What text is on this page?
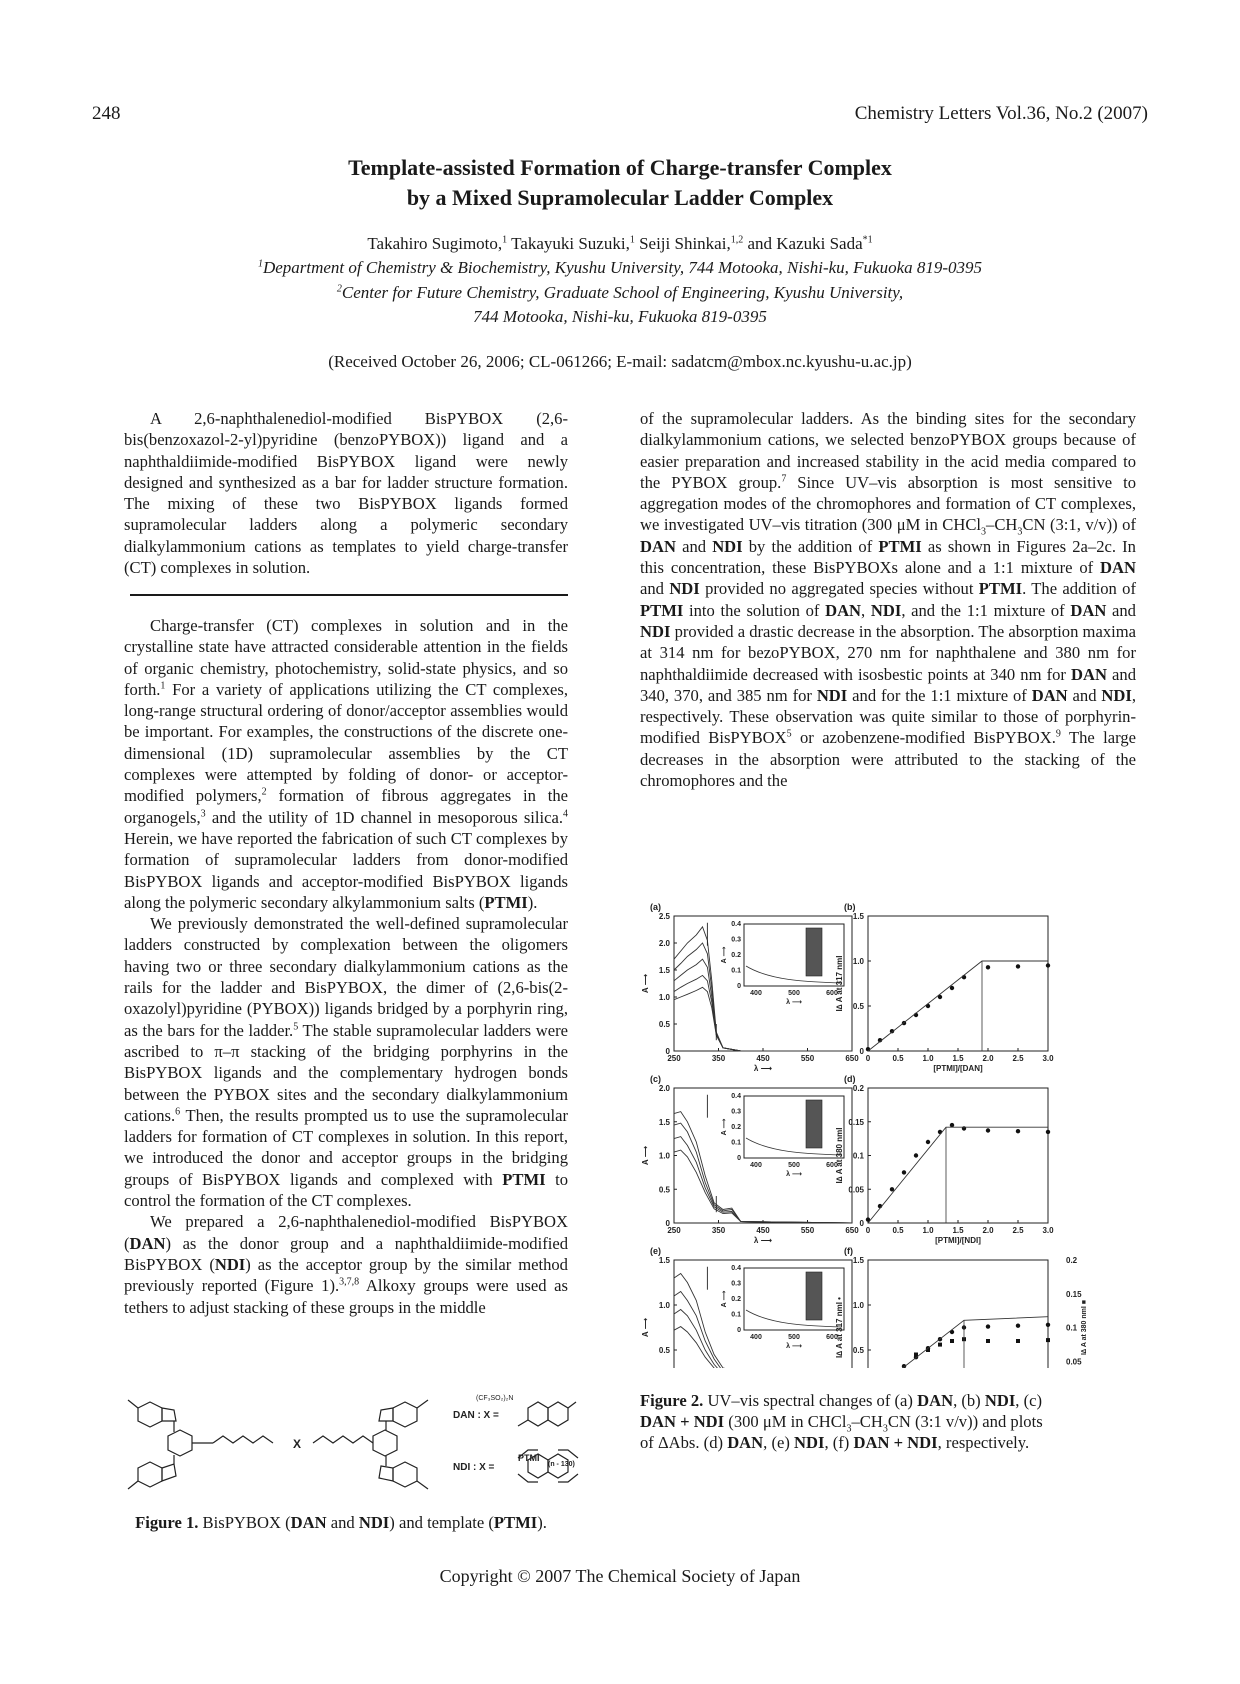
248	Chemistry Letters Vol.36, No.2 (2007)
Template-assisted Formation of Charge-transfer Complex
by a Mixed Supramolecular Ladder Complex
Takahiro Sugimoto,$^1$ Takayuki Suzuki,$^1$ Seiji Shinkai,$^{1,2}$ and Kazuki Sada$^{*1}$
$^1$Department of Chemistry & Biochemistry, Kyushu University, 744 Motooka, Nishi-ku, Fukuoka 819-0395
$^2$Center for Future Chemistry, Graduate School of Engineering, Kyushu University,
744 Motooka, Nishi-ku, Fukuoka 819-0395
(Received October 26, 2006; CL-061266; E-mail: sadatcm@mbox.nc.kyushu-u.ac.jp)

A 2,6-naphthalenediol-modified BisPYBOX (2,6-bis(benzoxazol-2-yl)pyridine (benzoPYBOX)) ligand and a naphthaldiimide-modified BisPYBOX ligand were newly designed and synthesized as a bar for ladder structure formation. The mixing of these two BisPYBOX ligands formed supramolecular ladders along a polymeric secondary dialkylammonium cations as templates to yield charge-transfer (CT) complexes in solution.

Charge-transfer (CT) complexes in solution and in the crystalline state have attracted considerable attention in the fields of organic chemistry, photochemistry, solid-state physics, and so forth.$^1$ For a variety of applications utilizing the CT complexes, long-range structural ordering of donor/acceptor assemblies would be important. For examples, the constructions of the discrete one-dimensional (1D) supramolecular assemblies by the CT complexes were attempted by folding of donor- or acceptor-modified polymers,$^2$ formation of fibrous aggregates in the organogels,$^3$ and the utility of 1D channel in mesoporous silica.$^4$ Herein, we have reported the fabrication of such CT complexes by formation of supramolecular ladders from donor-modified BisPYBOX ligands and acceptor-modified BisPYBOX ligands along the polymeric secondary alkylammonium salts (PTMI).

We previously demonstrated the well-defined supramolecular ladders constructed by complexation between the oligomers having two or three secondary dialkylammonium cations as the rails for the ladder and BisPYBOX, the dimer of (2,6-bis(2-oxazolyl)pyridine (PYBOX)) ligands bridged by a porphyrin ring, as the bars for the ladder.$^5$ The stable supramolecular ladders were ascribed to π–π stacking of the bridging porphyrins in the BisPYBOX ligands and the complementary hydrogen bonds between the PYBOX sites and the secondary dialkylammonium cations.$^6$ Then, the results prompted us to use the supramolecular ladders for formation of CT complexes in solution. In this report, we introduced the donor and acceptor groups in the bridging groups of BisPYBOX ligands and complexed with PTMI to control the formation of the CT complexes.

We prepared a 2,6-naphthalenediol-modified BisPYBOX (DAN) as the donor group and a naphthaldiimide-modified BisPYBOX (NDI) as the acceptor group by the similar method previously reported (Figure 1).$^{3,7,8}$ Alkoxy groups were used as tethers to adjust stacking of these groups in the middle

of the supramolecular ladders. As the binding sites for the secondary dialkylammonium cations, we selected benzoPYBOX groups because of easier preparation and increased stability in the acid media compared to the PYBOX group.$^7$ Since UV–vis absorption is most sensitive to aggregation modes of the chromophores and formation of CT complexes, we investigated UV–vis titration (300 μM in $CHCl_3-CH_3CN$ (3:1, v/v)) of DAN and NDI by the addition of PTMI as shown in Figures 2a–2c. In this concentration, these BisPYBOXs alone and a 1:1 mixture of DAN and NDI provided no aggregated species without PTMI. The addition of PTMI into the solution of DAN, NDI, and the 1:1 mixture of DAN and NDI provided a drastic decrease in the absorption. The absorption maxima at 314 nm for bezoPYBOX, 270 nm for naphthalene and 380 nm for naphthaldiimide decreased with isosbestic points at 340 nm for DAN and 340, 370, and 385 nm for NDI and for the 1:1 mixture of DAN and NDI, respectively. These observation was quite similar to those of porphyrin-modified BisPYBOX$^5$ or azobenzene-modified BisPYBOX.$^9$ The large decreases in the absorption were attributed to the stacking of the chromophores and the

X
DAN : X =
NDI : X =
(CF₃SO₂)₂N
PTMI
(n - 130)
Figure 1. BisPYBOX (DAN and NDI) and template (PTMI).
(a)
250	350	450	550	650
0
0.5
1.0
1.5
2.0
2.5
λ ⟶
A ⟶
400	500	600
0
0.1
0.2
0.3
0.4
λ ⟶
A ⟶
(b)
0	0.5 1.0 1.5 2.0 2.5 3.0
0
0.5
1.0
1.5
[PTMI]/[DAN]
I∆ A at 317 nmI
(c)
250	350	450	550	650
0
0.5
1.0
1.5
2.0
λ ⟶
A ⟶
400	500	600
0
0.1
0.2
0.3
0.4
λ ⟶
A ⟶
(d)
0	0.5 1.0 1.5 2.0 2.5 3.0
0
0.05
0.1
0.15
0.2
[PTMI]/[NDI]
I∆ A at 380 nmI
(e)
0.5
1.0
1.5
A ⟶
400	500	600
0
0.1
0.2
0.3
0.4
λ ⟶
A ⟶
(f)
0.5
1.0
1.5
0.05
0.1
0.15
0.2
I∆ A at 380 nmI ■
I∆ A at 317 nmI •
Figure 2. UV–vis spectral changes of (a) DAN, (b) NDI, (c)
DAN + NDI (300 μM in $CHCl_3-CH_3CN$ (3:1 v/v)) and plots
of ΔAbs. (d) DAN, (e) NDI, (f) DAN + NDI, respectively.
Copyright © 2007 The Chemical Society of Japan
